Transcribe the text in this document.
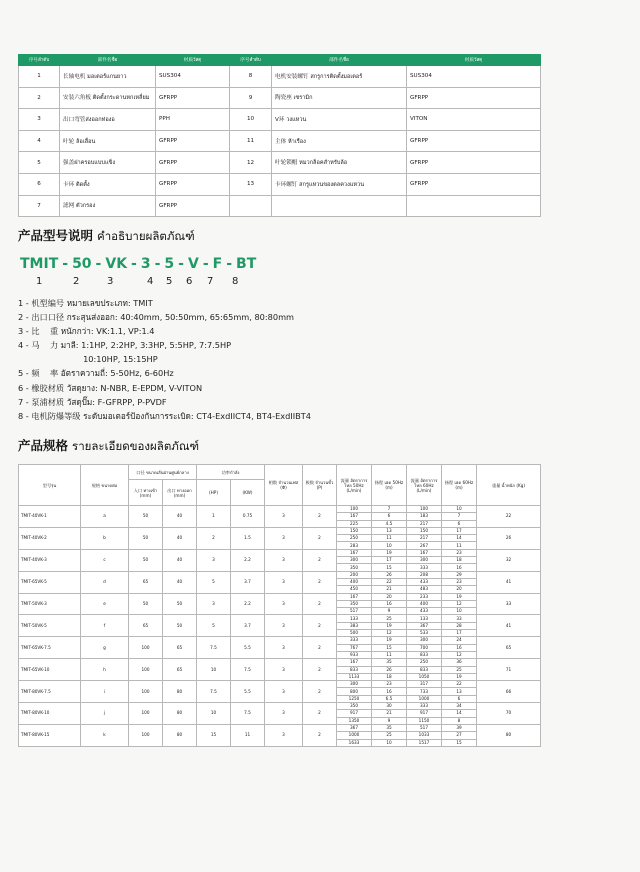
序号ลำดับ	部件名ชื่อ	材质วัสดุ	序号ลำดับ	部件名ชื่อ	材质วัสดุ
1	长轴电机 มอเตอร์แกนยาว	SUS304	8	电机安装螺钉 สกรูการติดตั้งมอเตอร์	SUS304
2	安装六角板 ติดตั้งกระดานหกเหลี่ยม	GFRPP	9	陶瓷座 เซรามิก	GFRPP
3	出口弯管ส่งออกท่องอ	PPH	10	V环 วงแหวน	VITON
4	叶轮 ล้อเลื่อน	GFRPP	11	主体 ห้าเรือง	GFRPP
5	强盖ฝาครอบแบบแข็ง	GFRPP	12	叶轮锁帽 หมวกล็อคสำหรับล้อ	GFRPP
6	卡环 ติดตั้ง	GFRPP	13	卡环螺钉 สกรูแหวนของตลควงแหวน	GFRPP
7	滤网 ตัวกรอง	GFRPP			
产品型号说明 คำอธิบายผลิตภัณฑ์
TMIT - 50 - VK - 3 - 5 - V - F - BT
1	2	3	4 5 6 7 8
1 - 机型编号 หมายเลขประเภท: TMIT
2 - 出口口径 กระสุนส่งออก: 40:40mm, 50:50mm, 65:65mm, 80:80mm
3 - 比    重 หนักกว่า: VK:1.1, VP:1.4
4 - 马    力 มาลี: 1:1HP, 2:2HP, 3:3HP, 5:5HP, 7:7.5HP
10:10HP, 15:15HP
5 - 频    率 อัตราความถี่: 5-50Hz, 6-60Hz
6 - 橡胶材质 วัสดุยาง: N-NBR, E-EPDM, V-VITON
7 - 泵浦材质 วัสดุปั๊ม: F-GFRPP, P-PVDF
8 - 电机防爆等级 ระดับมอเตอร์ป้องกันการระเบิด: CT4-ExdIICT4, BT4-ExdIIBT4
产品规格 รายละเอียดของผลิตภัณฑ์
型号รุ่น	规格 ขนาดต่อ	口径 ขนาดเส้นผ่านศูนย์กลาง		功率กำลัง		相数 จำนวนเฟส (Φ)	极数 จำนวนขั้ว (P)	流量 อัตราการไหล 50Hz (L/min)	扬程 เฮด 50Hz (m)	流量 อัตราการไหล 60Hz (L/min)	扬程 เฮด 60Hz (m)	重量 น้ำหนัก (Kg)
		入口 ทางเข้า (mm)	出口 ทางออก (mm)	(HP)	(KW)							
TMIT-40VK-1	a	50	40	1	0.75	3	2	100	7	100	10	22
								167	6	183	7	
								225	4.5	217	6	
TMIT-40VK-2	b	50	40	2	1.5	3	2	150	13	150	17	26
								250	11	217	14	
								283	10	267	11	
TMIT-40VK-3	c	50	40	3	2.2	3	2	167	19	167	23	32
								300	17	300	18	
								350	15	333	16	
TMIT-65VK-5	d	65	40	5	3.7	3	2	200	26	208	29	41
								400	22	433	23	
								450	21	483	20	
TMIT-50VK-3	e	50	50	3	2.2	3	2	167	20	233	19	33
								350	16	400	12	
								517	9	433	10	
TMIT-50VK-5	f	65	50	5	3.7	3	2	133	25	133	33	41
								383	19	367	28	
								500	12	533	17	
TMIT-65VK-7.5	g	100	65	7.5	5.5	3	2	333	19	300	24	65
								767	15	700	16	
								933	11	833	12	
TMIT-65VK-10	h	100	65	10	7.5	3	2	167	35	250	36	71
								833	26	833	25	
								1133	18	1050	19	
TMIT-80VK-7.5	i	100	80	7.5	5.5	3	2	300	23	317	22	66
								800	16	733	13	
								1250	6.5	1000	6	
TMIT-80VK-10	j	100	80	10	7.5	3	2	350	30	333	34	70
								917	21	917	14	
								1350	9	1150	8	
TMIT-80VK-15	k	100	80	15	11	3	2	367	35	517	39	80
								1000	25	1033	27	
								1633	10	1517	15	
